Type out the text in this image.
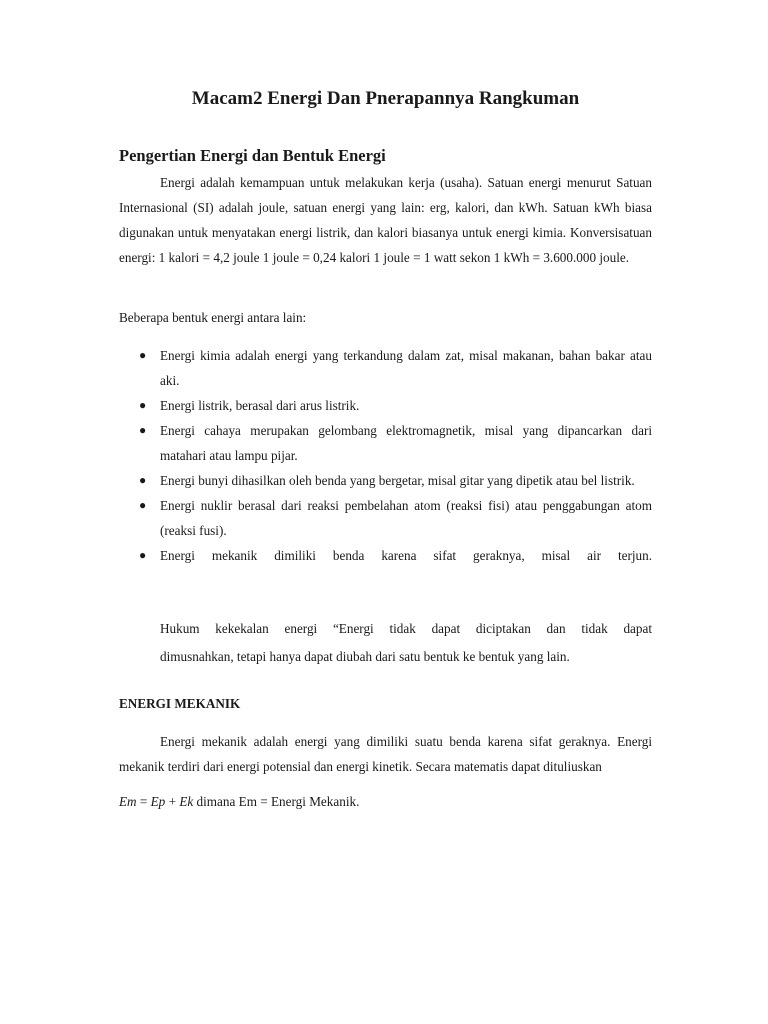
Macam2 Energi Dan Pnerapannya Rangkuman
Pengertian Energi dan Bentuk Energi

Energi adalah kemampuan untuk melakukan kerja (usaha). Satuan energi menurut Satuan Internasional (SI) adalah joule, satuan energi yang lain: erg, kalori, dan kWh. Satuan kWh biasa digunakan untuk menyatakan energi listrik, dan kalori biasanya untuk energi kimia. Konversisatuan energi: 1 kalori = 4,2 joule 1 joule = 0,24 kalori 1 joule = 1 watt sekon 1 kWh = 3.600.000 joule.

Beberapa bentuk energi antara lain:

● Energi kimia adalah energi yang terkandung dalam zat, misal makanan, bahan bakar atau aki.
● Energi listrik, berasal dari arus listrik.
● Energi cahaya merupakan gelombang elektromagnetik, misal yang dipancarkan dari matahari atau lampu pijar.
● Energi bunyi dihasilkan oleh benda yang bergetar, misal gitar yang dipetik atau bel listrik.
● Energi nuklir berasal dari reaksi pembelahan atom (reaksi fisi) atau penggabungan atom (reaksi fusi).
● Energi mekanik dimiliki benda karena sifat geraknya, misal air terjun.

Hukum kekekalan energi “Energi tidak dapat diciptakan dan tidak dapat
dimusnahkan, tetapi hanya dapat diubah dari satu bentuk ke bentuk yang lain.

ENERGI MEKANIK

Energi mekanik adalah energi yang dimiliki suatu benda karena sifat geraknya. Energi mekanik terdiri dari energi potensial dan energi kinetik. Secara matematis dapat dituliuskan

Em = Ep + Ek dimana Em = Energi Mekanik.
